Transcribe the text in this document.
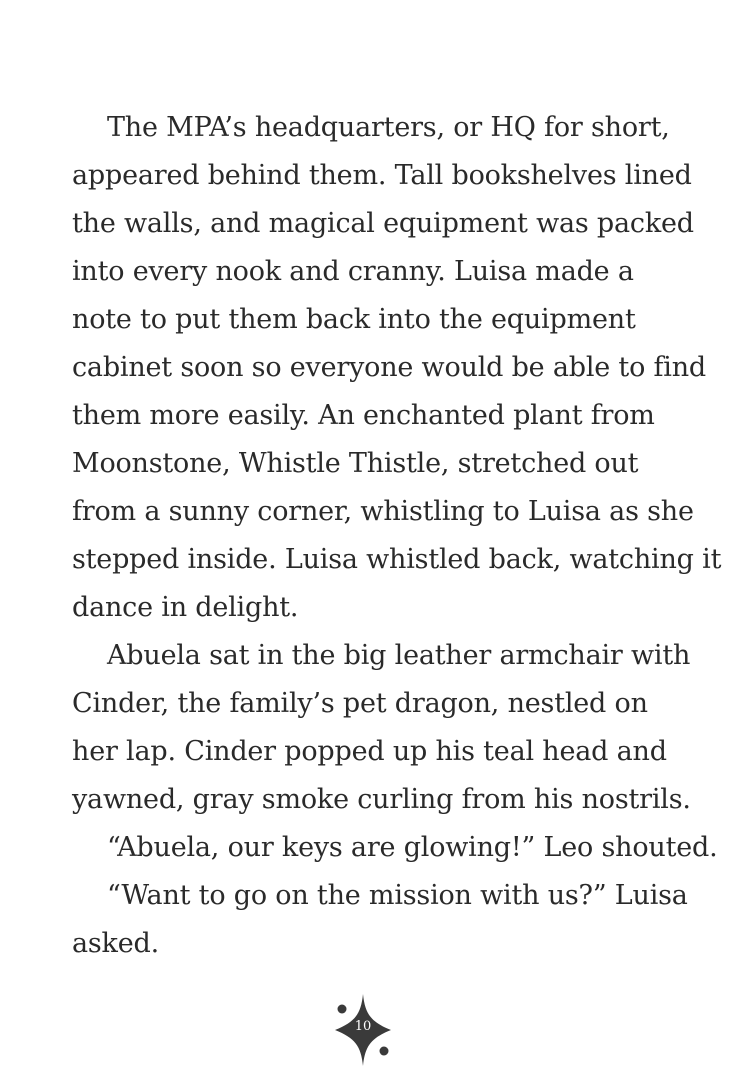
The MPA’s headquarters, or HQ for short,
appeared behind them. Tall bookshelves lined
the walls, and magical equipment was packed
into every nook and cranny. Luisa made a
note to put them back into the equipment
cabinet soon so everyone would be able to find
them more easily. An enchanted plant from
Moonstone, Whistle Thistle, stretched out
from a sunny corner, whistling to Luisa as she
stepped inside. Luisa whistled back, watching it
dance in delight.
Abuela sat in the big leather armchair with
Cinder, the family’s pet dragon, nestled on
her lap. Cinder popped up his teal head and
yawned, gray smoke curling from his nostrils.
“Abuela, our keys are glowing!” Leo shouted.
“Want to go on the mission with us?” Luisa
asked.
10
